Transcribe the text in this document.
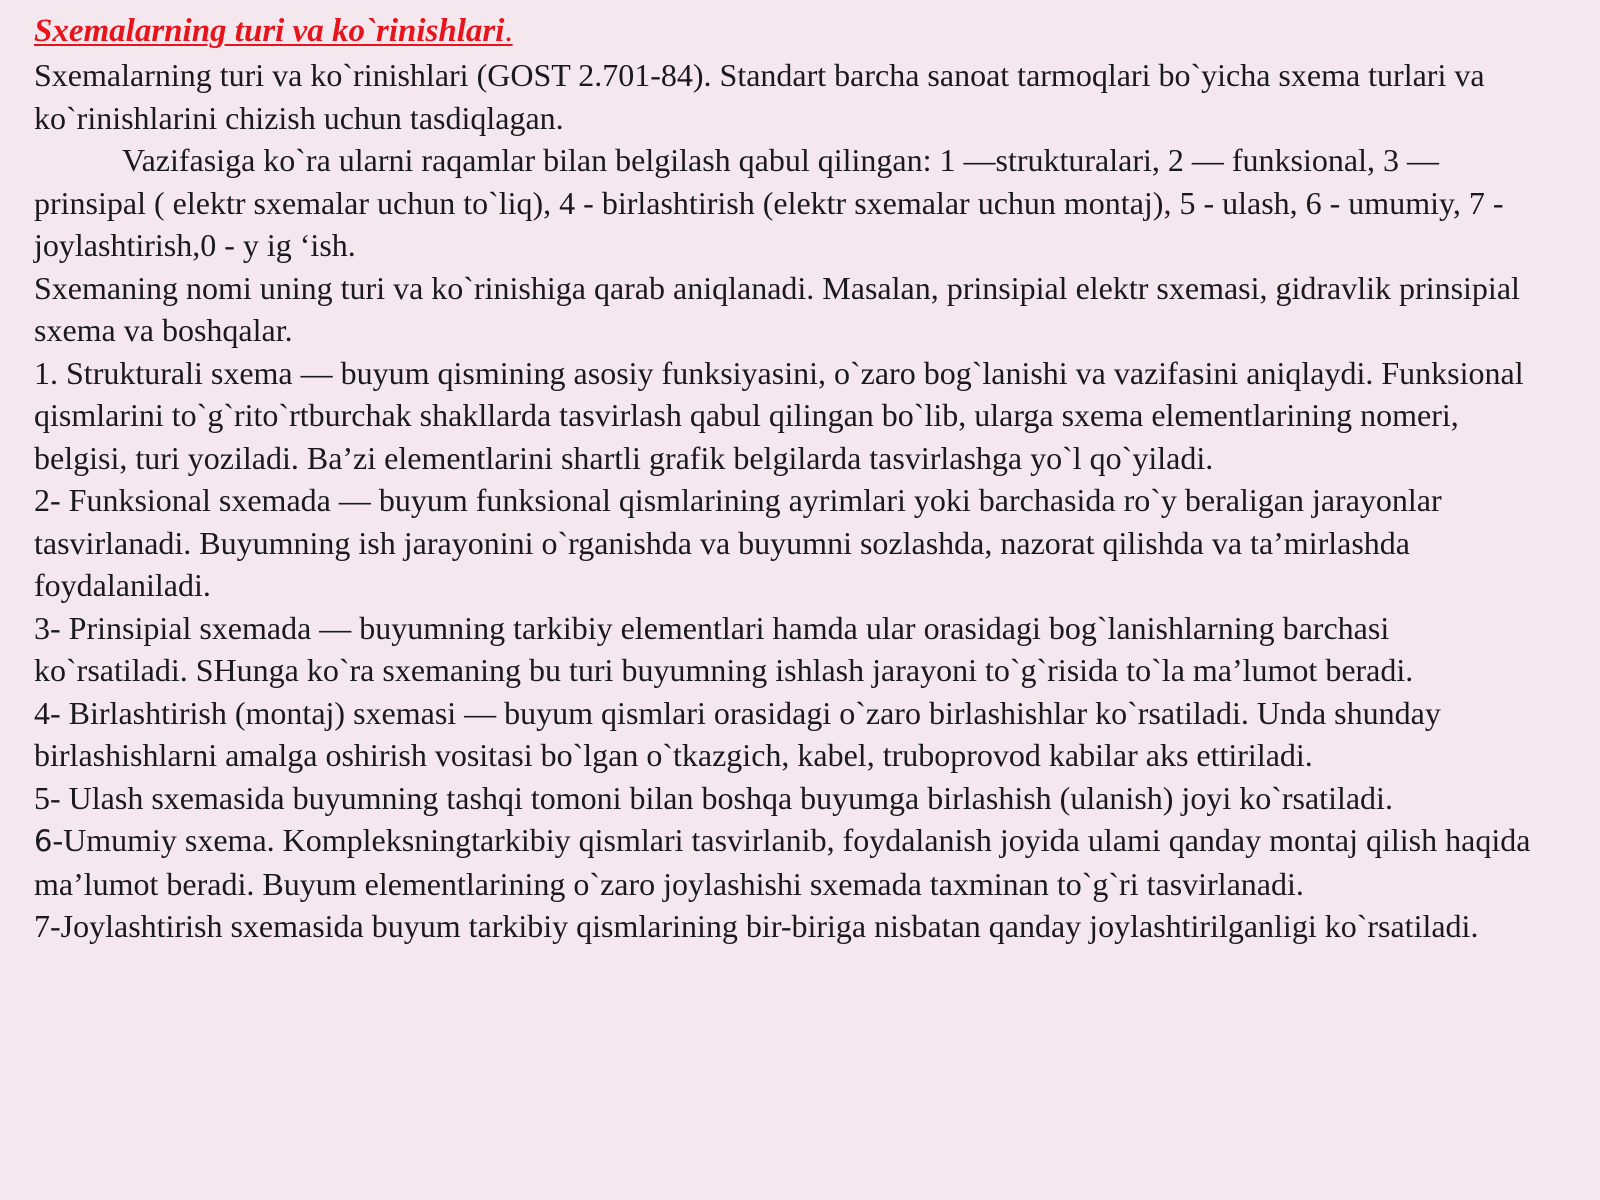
Sxemalarning turi va ko`rinishlari.

Sxemalarning turi va ko`rinishlari (GOST 2.701-84). Standart barcha sanoat tarmoqlari bo`yicha sxema turlari va ko`rinishlarini chizish uchun tasdiqlagan.

Vazifasiga ko`ra ularni raqamlar bilan belgilash qabul qilingan: 1 —strukturalari, 2 — funksional, 3 — prinsipal ( elektr sxemalar uchun to`liq), 4 - birlashtirish (elektr sxemalar uchun montaj), 5 - ulash, 6 - umumiy, 7 - joylashtirish,0 - y ig ‘ish.

Sxemaning nomi uning turi va ko`rinishiga qarab aniqlanadi. Masalan, prinsipial elektr sxemasi, gidravlik prinsipial sxema va boshqalar.

1. Strukturali sxema — buyum qismining asosiy funksiyasini, o`zaro bog`lanishi va vazifasini aniqlaydi. Funksional qismlarini to`g`rito`rtburchak shakllarda tasvirlash qabul qilingan bo`lib, ularga sxema elementlarining nomeri, belgisi, turi yoziladi. Ba’zi elementlarini shartli grafik belgilarda tasvirlashga yo`l qo`yiladi.

2- Funksional sxemada — buyum funksional qismlarining ayrimlari yoki barchasida ro`y beraligan jarayonlar tasvirlanadi. Buyumning ish jarayonini o`rganishda va buyumni sozlashda, nazorat qilishda va ta’mirlashda foydalaniladi.

3- Prinsipial sxemada — buyumning tarkibiy elementlari hamda ular orasidagi bog`lanishlarning barchasi ko`rsatiladi. SHunga ko`ra sxemaning bu turi buyumning ishlash jarayoni to`g`risida to`la ma’lumot beradi.

4- Birlashtirish (montaj) sxemasi — buyum qismlari orasidagi o`zaro birlashishlar ko`rsatiladi. Unda shunday birlashishlarni amalga oshirish vositasi bo`lgan o`tkazgich, kabel, truboprovod kabilar aks ettiriladi.

5- Ulash sxemasida buyumning tashqi tomoni bilan boshqa buyumga birlashish (ulanish) joyi ko`rsatiladi.

6-Umumiy sxema. Kompleksningtarkibiy qismlari tasvirlanib, foydalanish joyida ulami qanday montaj qilish haqida ma’lumot beradi. Buyum elementlarining o`zaro joylashishi sxemada taxminan to`g`ri tasvirlanadi.

7-Joylashtirish sxemasida buyum tarkibiy qismlarining bir-biriga nisbatan qanday joylashtirilganligi ko`rsatiladi.
